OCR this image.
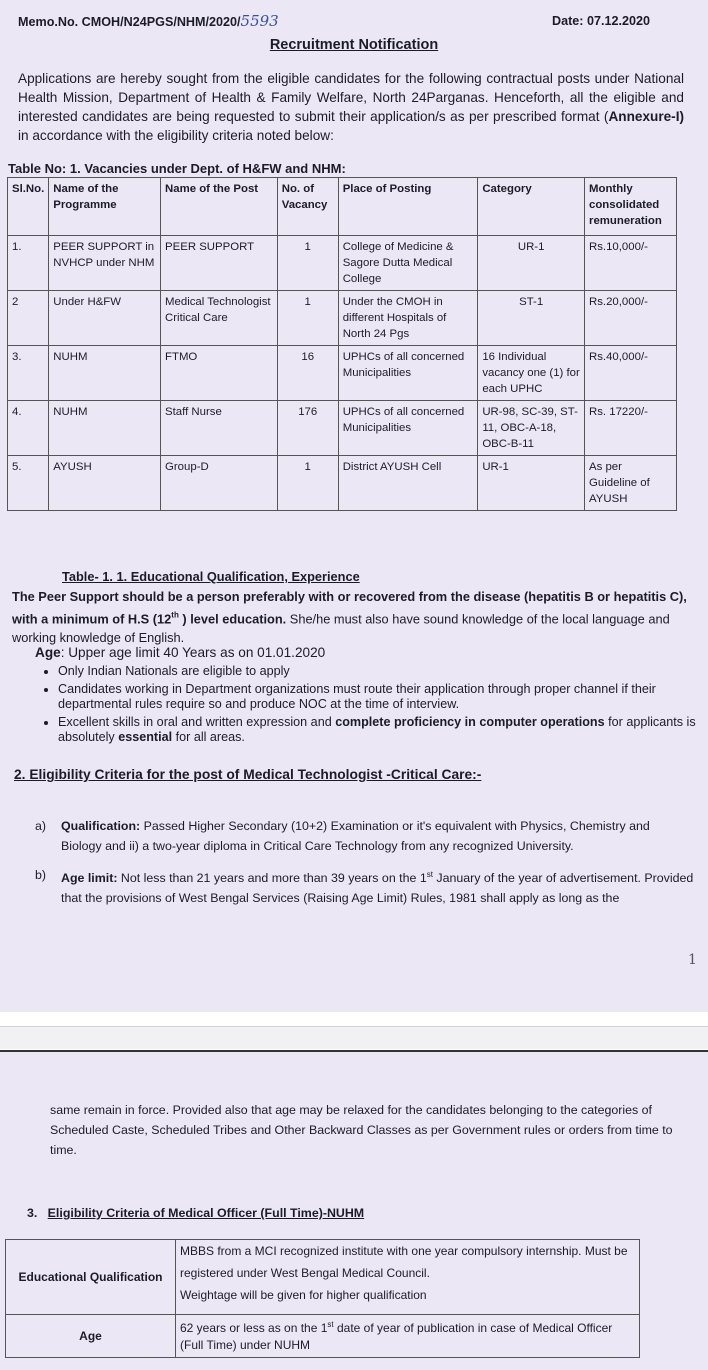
Memo.No. CMOH/N24PGS/NHM/2020/5593	Date: 07.12.2020
Recruitment Notification

Applications are hereby sought from the eligible candidates for the following contractual posts under National Health Mission, Department of Health & Family Welfare, North 24Parganas. Henceforth, all the eligible and interested candidates are being requested to submit their application/s as per prescribed format (Annexure-I) in accordance with the eligibility criteria noted below:

Table No: 1. Vacancies under Dept. of H&FW and NHM:
Sl.No.	Name of the Programme	Name of the Post	No. of Vacancy	Place of Posting	Category	Monthly consolidated remuneration
1.	PEER SUPPORT in NVHCP under NHM	PEER SUPPORT	1	College of Medicine & Sagore Dutta Medical College	UR-1	Rs.10,000/-
2	Under H&FW	Medical Technologist Critical Care	1	Under the CMOH in different Hospitals of North 24 Pgs	ST-1	Rs.20,000/-
3.	NUHM	FTMO	16	UPHCs of all concerned Municipalities	16 Individual vacancy one (1) for each UPHC	Rs.40,000/-
4.	NUHM	Staff Nurse	176	UPHCs of all concerned Municipalities	UR-98, SC-39, ST-11, OBC-A-18, OBC-B-11	Rs. 17220/-
5.	AYUSH	Group-D	1	District AYUSH Cell	UR-1	As per Guideline of AYUSH
Table- 1. 1. Educational Qualification, Experience

The Peer Support should be a person preferably with or recovered from the disease (hepatitis B or hepatitis C), with a minimum of H.S (12th ) level education. She/he must also have sound knowledge of the local language and working knowledge of English.

Age: Upper age limit 40 Years as on 01.01.2020
• Only Indian Nationals are eligible to apply
• Candidates working in Department organizations must route their application through proper channel if their departmental rules require so and produce NOC at the time of interview.
• Excellent skills in oral and written expression and complete proficiency in computer operations for applicants is absolutely essential for all areas.
2. Eligibility Criteria for the post of Medical Technologist -Critical Care:-
a)	Qualification: Passed Higher Secondary (10+2) Examination or it's equivalent with Physics, Chemistry and Biology and ii) a two-year diploma in Critical Care Technology from any recognized University.

b)	Age limit: Not less than 21 years and more than 39 years on the 1st January of the year of advertisement. Provided that the provisions of West Bengal Services (Raising Age Limit) Rules, 1981 shall apply as long as the

1

same remain in force. Provided also that age may be relaxed for the candidates belonging to the categories of Scheduled Caste, Scheduled Tribes and Other Backward Classes as per Government rules or orders from time to time.

3. Eligibility Criteria of Medical Officer (Full Time)-NUHM
Educational Qualification	MBBS from a MCI recognized institute with one year compulsory internship. Must be registered under West Bengal Medical Council.
Weightage will be given for higher qualification

Age	62 years or less as on the 1st date of year of publication in case of Medical Officer (Full Time) under NUHM
